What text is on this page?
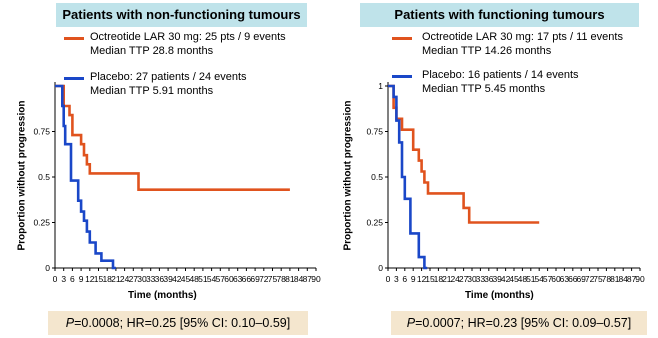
Patients with non-functioning tumours
Octreotide LAR 30 mg: 25 pts / 9 events
Median TTP 28.8 months
Placebo: 27 patients / 24 events
Median TTP 5.91 months
Proportion without progression
0 3 6 9 12 15 18 21 24 27 30 33 36 39 42 45 48 51 54 57 60 63 66 69 72 75 78 81 84 87 90
0
0.25
0.5
0.75
Time (months)
P=0.0008; HR=0.25 [95% CI: 0.10–0.59]
Patients with functioning tumours
Octreotide LAR 30 mg: 17 pts / 11 events
Median TTP 14.26 months
Placebo: 16 patients / 14 events
Median TTP 5.45 months
Proportion without progression
0 3 6 9 12
15
18
21
24
27
30
33
36
39
42
45
48
51
54
57
60
63
66
69
72
75
78
81
84
87
90
0
0.25
0.5
0.75
1
Time (months)
P=0.0007; HR=0.23 [95% CI: 0.09–0.57]
